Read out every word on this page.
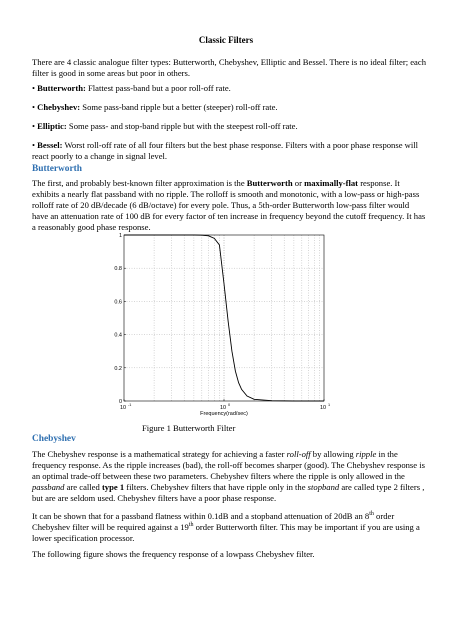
Classic Filters

There are 4 classic analogue filter types: Butterworth, Chebyshev, Elliptic and Bessel. There is no ideal filter; each filter is good in some areas but poor in others.

• Butterworth: Flattest pass-band but a poor roll-off rate.

• Chebyshev: Some pass-band ripple but a better (steeper) roll-off rate.

• Elliptic: Some pass- and stop-band ripple but with the steepest roll-off rate.

• Bessel: Worst roll-off rate of all four filters but the best phase response. Filters with a poor phase response will react poorly to a change in signal level.

Butterworth

The first, and probably best-known filter approximation is the Butterworth or maximally-flat response. It exhibits a nearly flat passband with no ripple. The rolloff is smooth and monotonic, with a low-pass or high-pass rolloff rate of 20 dB/decade (6 dB/octave) for every pole. Thus, a 5th-order Butterworth low-pass filter would have an attenuation rate of 100 dB for every factor of ten increase in frequency beyond the cutoff frequency. It has a reasonably good phase response.

0
0.2
0.4
0.6
0.8
1
10 -1	10 0	10 1
Frequency(rad/sec)

Chebyshev

Figure 1 Butterworth Filter

The Chebyshev response is a mathematical strategy for achieving a faster roll-off by allowing ripple in the frequency response. As the ripple increases (bad), the roll-off becomes sharper (good). The Chebyshev response is an optimal trade-off between these two parameters. Chebyshev filters where the ripple is only allowed in the passband are called type 1 filters. Chebyshev filters that have ripple only in the stopband are called type 2 filters , but are are seldom used. Chebyshev filters have a poor phase response.

It can be shown that for a passband flatness within 0.1dB and a stopband attenuation of 20dB an 8th order Chebyshev filter will be required against a 19th order Butterworth filter. This may be important if you are using a lower specification processor.

The following figure shows the frequency response of a lowpass Chebyshev filter.
